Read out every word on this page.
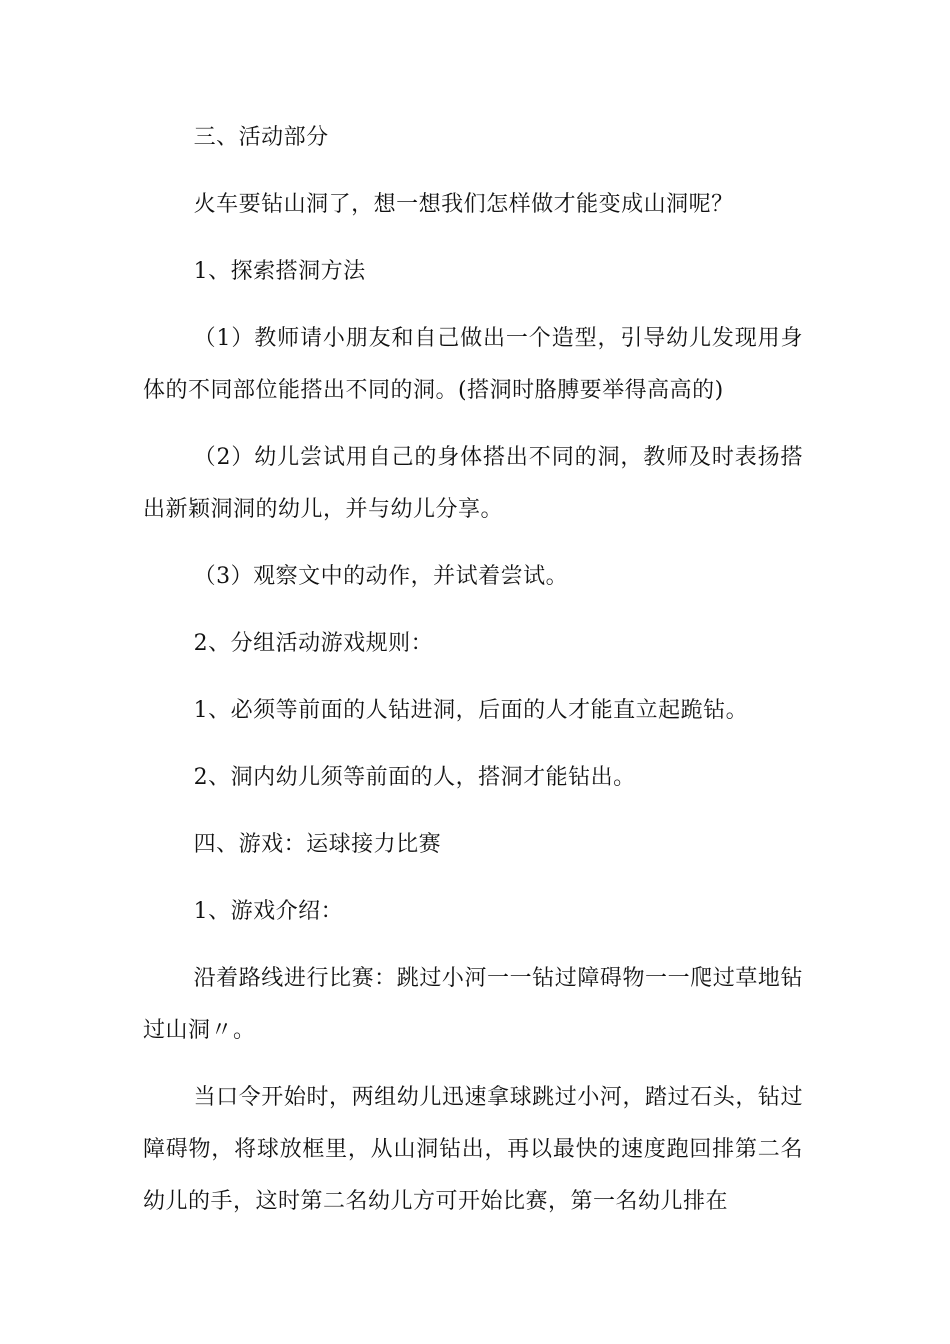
三、活动部分

火车要钻山洞了，想一想我们怎样做才能变成山洞呢？

1、探索搭洞方法

（1）教师请小朋友和自己做出一个造型，引导幼儿发现用身体的不同部位能搭出不同的洞。(搭洞时胳膊要举得高高的)

（2）幼儿尝试用自己的身体搭出不同的洞，教师及时表扬搭出新颖洞洞的幼儿，并与幼儿分享。

（3）观察文中的动作，并试着尝试。

2、分组活动游戏规则：

1、必须等前面的人钻进洞，后面的人才能直立起跪钻。

2、洞内幼儿须等前面的人，搭洞才能钻出。

四、游戏：运球接力比赛

1、游戏介绍：

沿着路线进行比赛：跳过小河一一钻过障碍物一一爬过草地钻过山洞〃。

当口令开始时，两组幼儿迅速拿球跳过小河，踏过石头，钻过障碍物，将球放框里，从山洞钻出，再以最快的速度跑回排第二名幼儿的手，这时第二名幼儿方可开始比赛，第一名幼儿排在
